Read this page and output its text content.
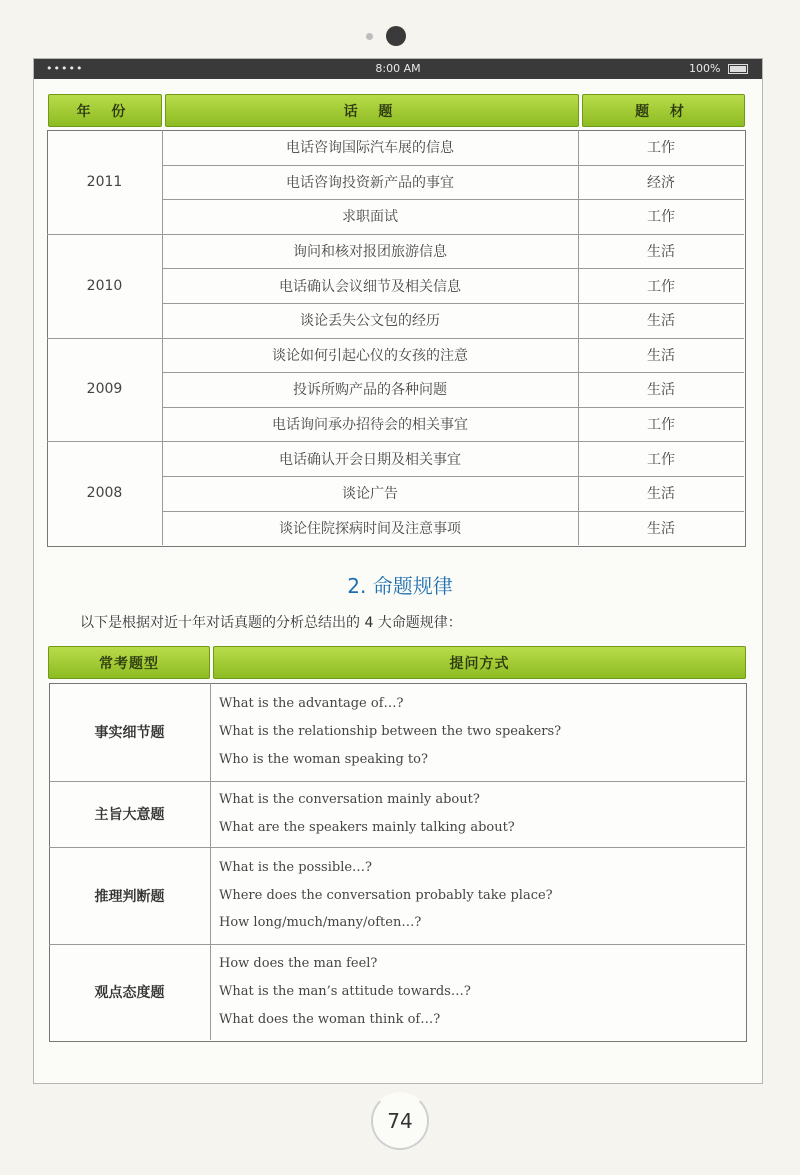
•••••	8:00 AM	100%
年 份	话 题	题 材
2011
电话咨询国际汽车展的信息	工作
电话咨询投资新产品的事宜	经济
求职面试	工作
2010
询问和核对报团旅游信息	生活
电话确认会议细节及相关信息	工作
谈论丢失公文包的经历	生活
2009
谈论如何引起心仪的女孩的注意	生活
投诉所购产品的各种问题	生活
电话询问承办招待会的相关事宜	工作
2008
电话确认开会日期及相关事宜	工作
谈论广告	生活
谈论住院探病时间及注意事项	生活
2. 命题规律
以下是根据对近十年对话真题的分析总结出的 4 大命题规律：
常考题型	提问方式
事实细节题
What is the advantage of…?
What is the relationship between the two speakers?
Who is the woman speaking to?
主旨大意题
What is the conversation mainly about?
What are the speakers mainly talking about?
推理判断题
What is the possible…?
Where does the conversation probably take place?
How long/much/many/often…?
观点态度题
How does the man feel?
What is the man’s attitude towards…?
What does the woman think of…?
74
